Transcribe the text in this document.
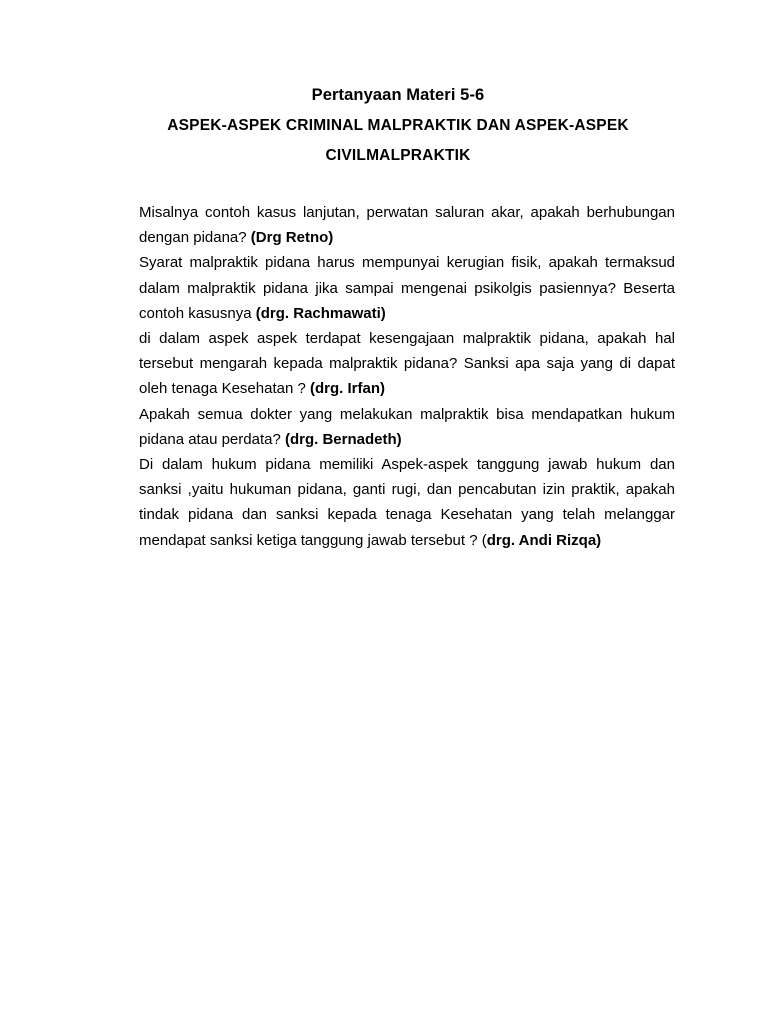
Pertanyaan Materi 5-6
ASPEK-ASPEK CRIMINAL MALPRAKTIK DAN ASPEK-ASPEK
CIVILMALPRAKTIK

Misalnya contoh kasus lanjutan, perwatan saluran akar, apakah berhubungan dengan pidana? (Drg Retno)

Syarat malpraktik pidana harus mempunyai kerugian fisik, apakah termaksud dalam malpraktik pidana jika sampai mengenai psikolgis pasiennya? Beserta contoh kasusnya (drg. Rachmawati)

di dalam aspek aspek terdapat kesengajaan malpraktik pidana, apakah hal tersebut mengarah kepada malpraktik pidana? Sanksi apa saja yang di dapat oleh tenaga Kesehatan ? (drg. Irfan)

Apakah semua dokter yang melakukan malpraktik bisa mendapatkan hukum pidana atau perdata? (drg. Bernadeth)

Di dalam hukum pidana memiliki Aspek-aspek tanggung jawab hukum dan sanksi ,yaitu hukuman pidana, ganti rugi, dan pencabutan izin praktik, apakah tindak pidana dan sanksi kepada tenaga Kesehatan yang telah melanggar mendapat sanksi ketiga tanggung jawab tersebut ? (drg. Andi Rizqa)
